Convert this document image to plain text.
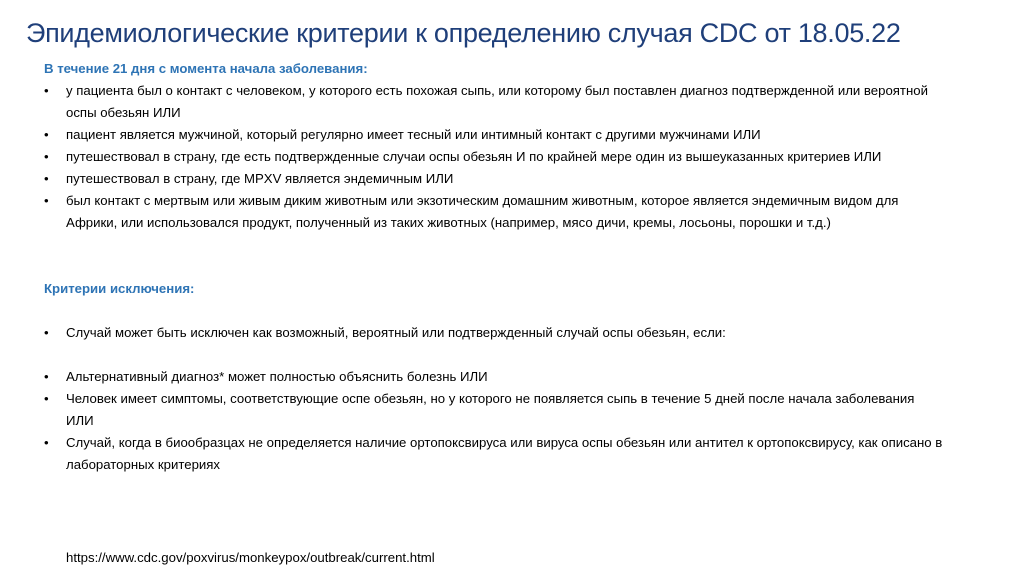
Эпидемиологические критерии к определению случая CDC от 18.05.22

В течение 21 дня с момента начала заболевания:

•	у пациента был о контакт с человеком, у которого есть похожая сыпь, или которому был поставлен диагноз подтвержденной или вероятной оспы обезьян ИЛИ
•	пациент является мужчиной, который регулярно имеет тесный или интимный контакт с другими мужчинами ИЛИ
•	путешествовал в страну, где есть подтвержденные случаи оспы обезьян И по крайней мере один из вышеуказанных критериев ИЛИ
•	путешествовал в страну, где MPXV является эндемичным ИЛИ
•	был контакт с мертвым или живым диким животным или экзотическим домашним животным, которое является эндемичным видом для Африки, или использовался продукт, полученный из таких животных (например, мясо дичи, кремы, лосьоны, порошки и т.д.)

Критерии исключения:

•	Случай может быть исключен как возможный, вероятный или подтвержденный случай оспы обезьян, если:
•	Альтернативный диагноз* может полностью объяснить болезнь ИЛИ
•	Человек имеет симптомы, соответствующие оспе обезьян, но у которого не появляется сыпь в течение 5 дней после начала заболевания ИЛИ
•	Случай, когда в биообразцах не определяется наличие ортопоксвируса или вируса оспы обезьян или антител к ортопоксвирусу, как описано в лабораторных критериях
https://www.cdc.gov/poxvirus/monkeypox/outbreak/current.html
